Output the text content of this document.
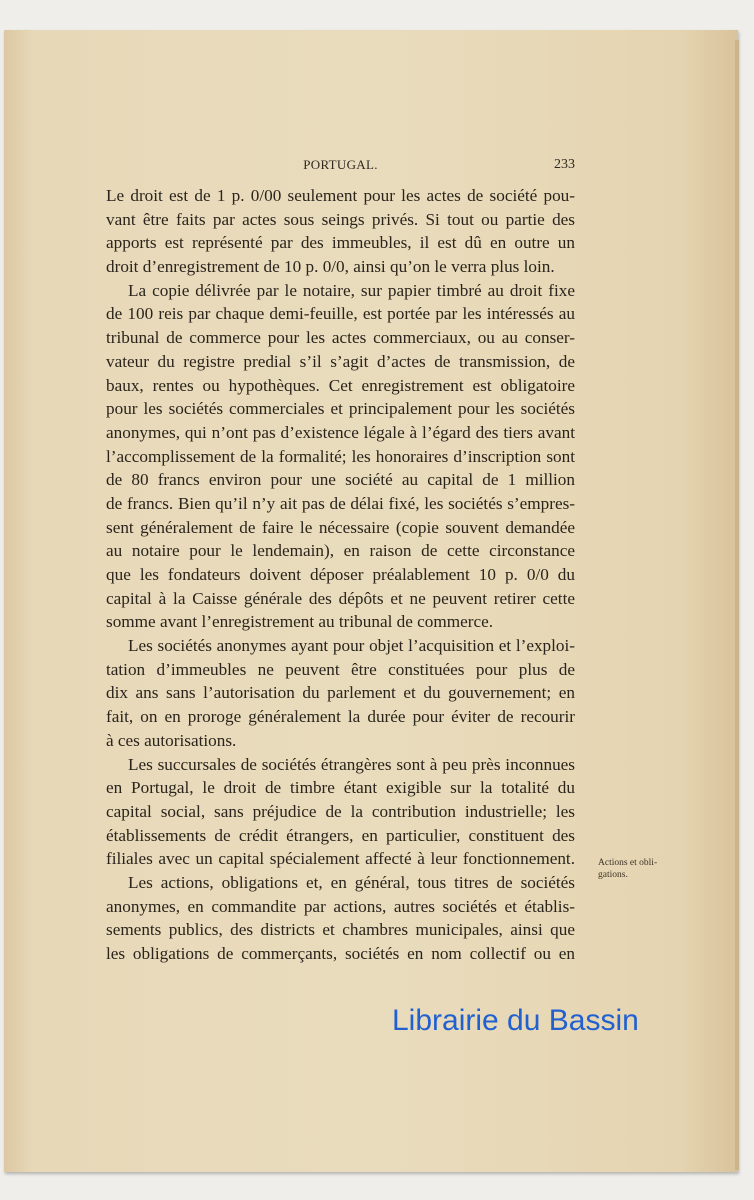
PORTUGAL.	233
Le droit est de 1 p. 0/00 seulement pour les actes de société pou-
vant être faits par actes sous seings privés. Si tout ou partie des
apports est représenté par des immeubles, il est dû en outre un
droit d’enregistrement de 10 p. 0/0, ainsi qu’on le verra plus loin.
La copie délivrée par le notaire, sur papier timbré au droit fixe
de 100 reis par chaque demi-feuille, est portée par les intéressés au
tribunal de commerce pour les actes commerciaux, ou au conser-
vateur du registre predial s’il s’agit d’actes de transmission, de
baux, rentes ou hypothèques. Cet enregistrement est obligatoire
pour les sociétés commerciales et principalement pour les sociétés
anonymes, qui n’ont pas d’existence légale à l’égard des tiers avant
l’accomplissement de la formalité; les honoraires d’inscription sont
de 80 francs environ pour une société au capital de 1 million
de francs. Bien qu’il n’y ait pas de délai fixé, les sociétés s’empres-
sent généralement de faire le nécessaire (copie souvent demandée
au notaire pour le lendemain), en raison de cette circonstance
que les fondateurs doivent déposer préalablement 10 p. 0/0 du
capital à la Caisse générale des dépôts et ne peuvent retirer cette
somme avant l’enregistrement au tribunal de commerce.
Les sociétés anonymes ayant pour objet l’acquisition et l’exploi-
tation d’immeubles ne peuvent être constituées pour plus de
dix ans sans l’autorisation du parlement et du gouvernement; en
fait, on en proroge généralement la durée pour éviter de recourir
à ces autorisations.
Les succursales de sociétés étrangères sont à peu près inconnues
en Portugal, le droit de timbre étant exigible sur la totalité du
capital social, sans préjudice de la contribution industrielle; les
établissements de crédit étrangers, en particulier, constituent des
filiales avec un capital spécialement affecté à leur fonctionnement.
Les actions, obligations et, en général, tous titres de sociétés
anonymes, en commandite par actions, autres sociétés et établis-
sements publics, des districts et chambres municipales, ainsi que
les obligations de commerçants, sociétés en nom collectif ou en
Actions et obli-
gations.
Librairie du Bassin
